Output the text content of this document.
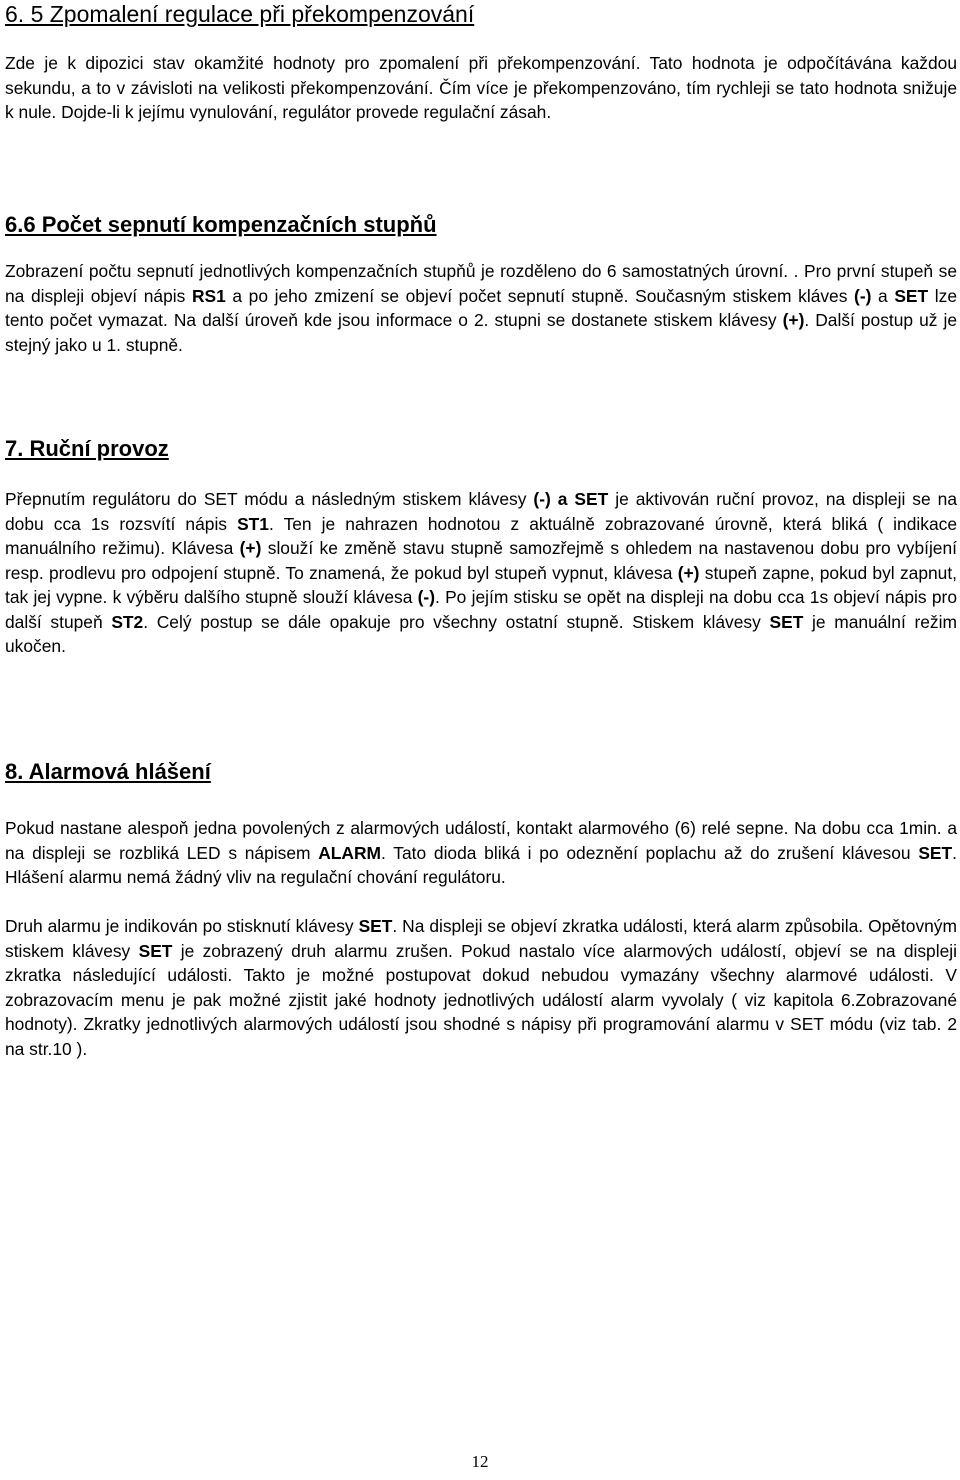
6. 5 Zpomalení regulace při překompenzování

Zde je k dipozici stav okamžité hodnoty pro zpomalení při překompenzování. Tato hodnota je odpočítávána každou sekundu, a to v závisloti na velikosti překompenzování. Čím více je překompenzováno, tím rychleji se tato hodnota snižuje k nule. Dojde-li k jejímu vynulování, regulátor provede regulační zásah.

6.6 Počet sepnutí kompenzačních stupňů

Zobrazení počtu sepnutí jednotlivých kompenzačních stupňů je rozděleno do 6 samostatných úrovní. . Pro první stupeň se na displeji objeví nápis RS1 a po jeho zmizení se objeví počet sepnutí stupně. Současným stiskem kláves (-) a SET lze tento počet vymazat. Na další úroveň kde jsou informace o 2. stupni se dostanete stiskem klávesy (+). Další postup už je stejný jako u 1. stupně.

7. Ruční provoz

Přepnutím regulátoru do SET módu a následným stiskem klávesy (-) a SET je aktivován ruční provoz, na displeji se na dobu cca 1s rozsvítí nápis ST1. Ten je nahrazen hodnotou z aktuálně zobrazované úrovně, která bliká ( indikace manuálního režimu). Klávesa (+) slouží ke změně stavu stupně samozřejmě s ohledem na nastavenou dobu pro vybíjení resp. prodlevu pro odpojení stupně. To znamená, že pokud byl stupeň vypnut, klávesa (+) stupeň zapne, pokud byl zapnut, tak jej vypne. k výběru dalšího stupně slouží klávesa (-). Po jejím stisku se opět na displeji na dobu cca 1s objeví nápis pro další stupeň ST2. Celý postup se dále opakuje pro všechny ostatní stupně. Stiskem klávesy SET je manuální režim ukočen.

8. Alarmová hlášení

Pokud nastane alespoň jedna povolených z alarmových událostí, kontakt alarmového (6) relé sepne. Na dobu cca 1min. a na displeji se rozbliká LED s nápisem ALARM. Tato dioda bliká i po odeznění poplachu až do zrušení klávesou SET. Hlášení alarmu nemá žádný vliv na regulační chování regulátoru.

Druh alarmu je indikován po stisknutí klávesy SET. Na displeji se objeví zkratka události, která alarm způsobila. Opětovným stiskem klávesy SET je zobrazený druh alarmu zrušen. Pokud nastalo více alarmových událostí, objeví se na displeji zkratka následující události. Takto je možné postupovat dokud nebudou vymazány všechny alarmové události. V zobrazovacím menu je pak možné zjistit jaké hodnoty jednotlivých událostí alarm vyvolaly ( viz kapitola 6.Zobrazované hodnoty). Zkratky jednotlivých alarmových událostí jsou shodné s nápisy při programování alarmu v SET módu (viz tab. 2 na str.10 ).

12
